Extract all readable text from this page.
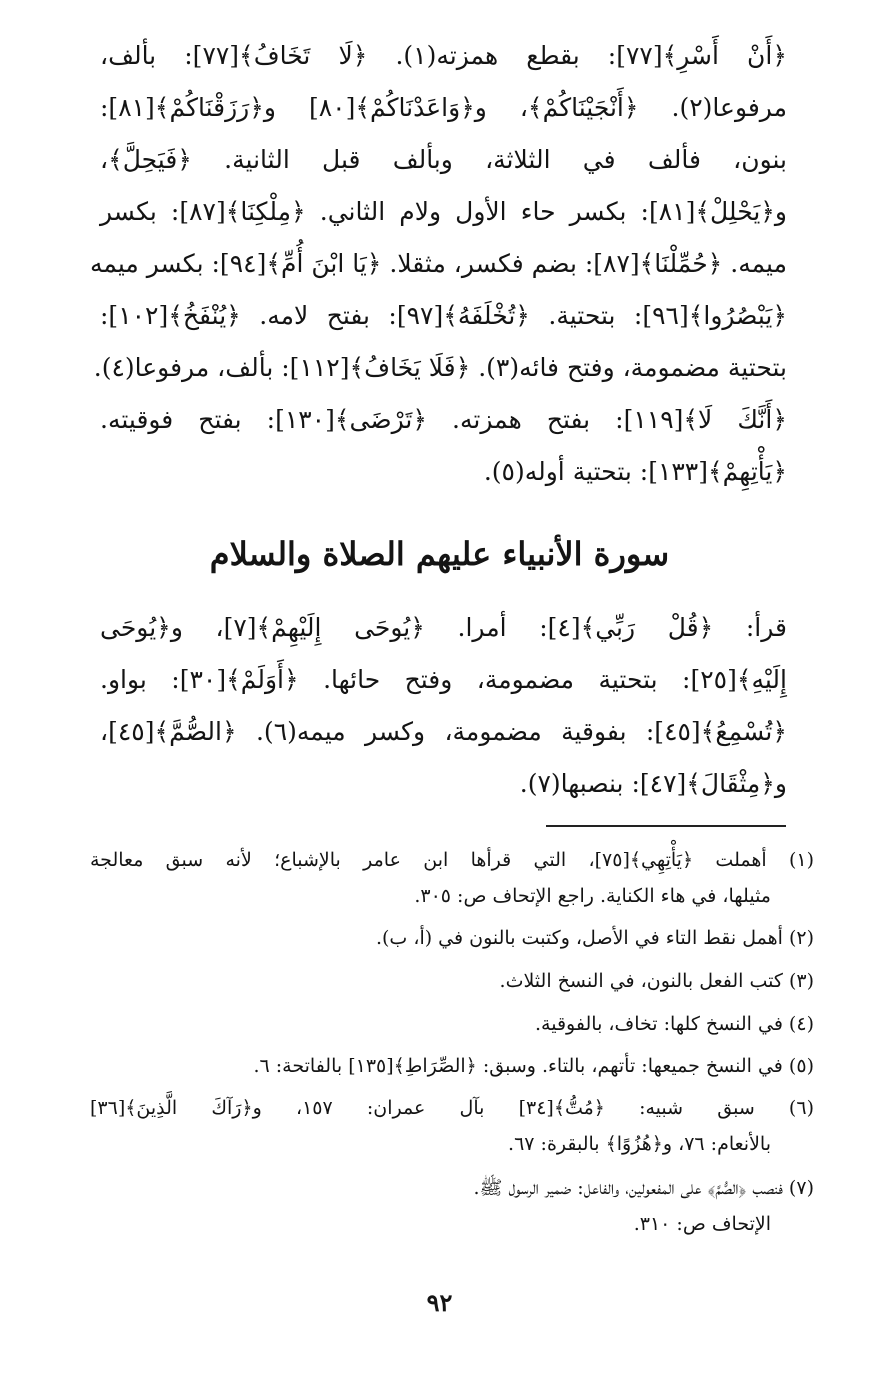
﴿أَنْ أَسْرِ﴾[٧٧]: بقطع همزته(١). ﴿لَا تَخَافُ﴾[٧٧]: بألف،
مرفوعا(٢). ﴿أَنْجَيْنَاكُمْ﴾، و﴿وَاعَدْنَاكُمْ﴾[٨٠] و﴿رَزَقْنَاكُمْ﴾[٨١]:
بنون، فألف في الثلاثة، وبألف قبل الثانية. ﴿فَيَحِلَّ﴾،
و﴿يَحْلِلْ﴾[٨١]: بكسر حاء الأول ولام الثاني. ﴿مِلْكِنَا﴾[٨٧]: بكسر
ميمه. ﴿حُمِّلْنَا﴾[٨٧]: بضم فكسر، مثقلا. ﴿يَا ابْنَ أُمِّ﴾[٩٤]: بكسر ميمه
﴿يَبْصُرُوا﴾[٩٦]: بتحتية. ﴿تُخْلَفَهُ﴾[٩٧]: بفتح لامه. ﴿يُنْفَخُ﴾[١٠٢]:
بتحتية مضمومة، وفتح فائه(٣). ﴿فَلَا يَخَافُ﴾[١١٢]: بألف، مرفوعا(٤).
﴿أَنَّكَ لَا﴾[١١٩]: بفتح همزته. ﴿تَرْضَى﴾[١٣٠]: بفتح فوقيته.
﴿يَأْتِهِمْ﴾[١٣٣]: بتحتية أوله(٥).
سورة الأنبياء عليهم الصلاة والسلام
قرأ: ﴿قُلْ رَبِّي﴾[٤]: أمرا. ﴿يُوحَى إِلَيْهِمْ﴾[٧]، و﴿يُوحَى
إِلَيْهِ﴾[٢٥]: بتحتية مضمومة، وفتح حائها. ﴿أَوَلَمْ﴾[٣٠]: بواو.
﴿تُسْمِعُ﴾[٤٥]: بفوقية مضمومة، وكسر ميمه(٦). ﴿الصُّمَّ﴾[٤٥]،
و﴿مِثْقَالَ﴾[٤٧]: بنصبها(٧).
(١) أهملت ﴿يَأْتِهِي﴾[٧٥]، التي قرأها ابن عامر بالإشباع؛ لأنه سبق معالجة
مثيلها، في هاء الكناية. راجع الإتحاف ص: ٣٠٥.
(٢) أهمل نقط التاء في الأصل، وكتبت بالنون في (أ، ب).
(٣) كتب الفعل بالنون، في النسخ الثلاث.
(٤) في النسخ كلها: تخاف، بالفوقية.
(٥) في النسخ جميعها: تأتهم، بالتاء. وسبق: ﴿الصِّرَاطِ﴾[١٣٥] بالفاتحة: ٦.
(٦) سبق شبيه: ﴿مُتُّ﴾[٣٤] بآل عمران: ١٥٧، و﴿رَآكَ الَّذِينَ﴾[٣٦]
بالأنعام: ٧٦، و﴿هُزُوًا﴾ بالبقرة: ٦٧.
(٧) فنصب ﴿الصُّمَّ﴾ على المفعولين، والفاعل: ضمير الرسول ﷺ.
الإتحاف ص: ٣١٠.
٩٢
